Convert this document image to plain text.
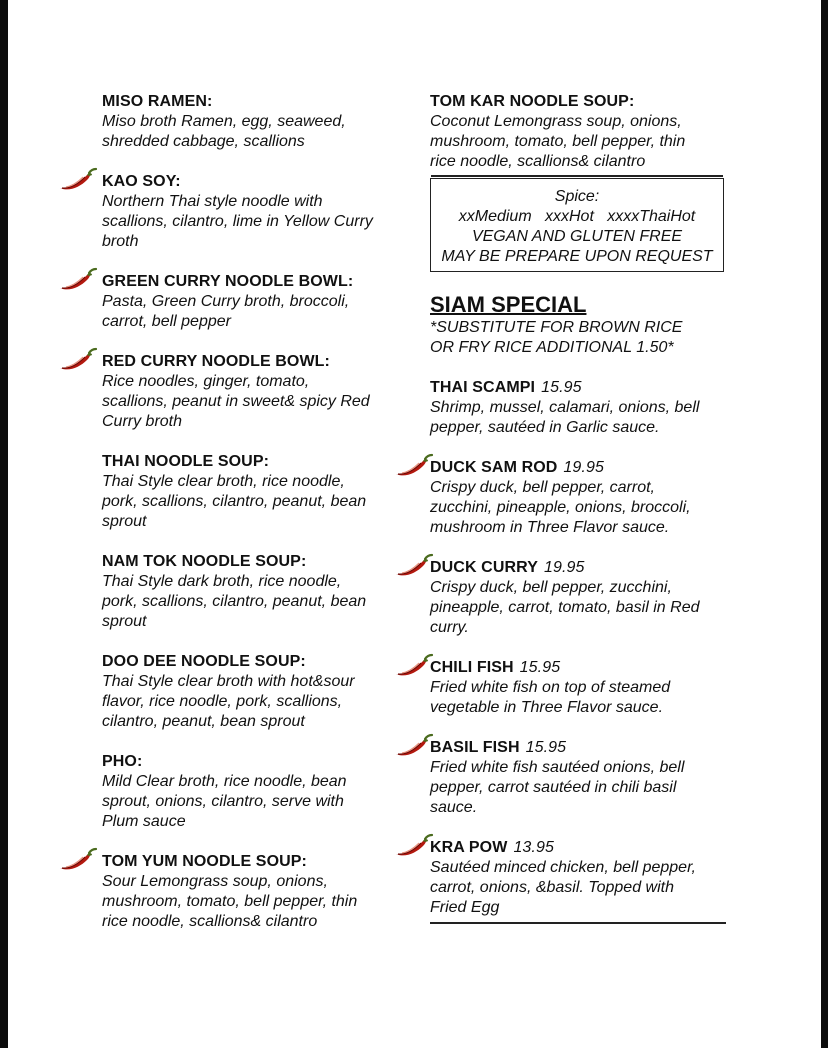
MISO RAMEN:
Miso broth Ramen, egg, seaweed,
shredded cabbage, scallions
KAO SOY:
Northern Thai style noodle with
scallions, cilantro, lime in Yellow Curry
broth
GREEN CURRY NOODLE BOWL:
Pasta, Green Curry broth, broccoli,
carrot, bell pepper
RED CURRY NOODLE BOWL:
Rice noodles, ginger, tomato,
scallions, peanut in sweet& spicy Red
Curry broth
THAI NOODLE SOUP:
Thai Style clear broth, rice noodle,
pork, scallions, cilantro, peanut, bean
sprout
NAM TOK NOODLE SOUP:
Thai Style dark broth, rice noodle,
pork, scallions, cilantro, peanut, bean
sprout
DOO DEE NOODLE SOUP:
Thai Style clear broth with hot&sour
flavor, rice noodle, pork, scallions,
cilantro, peanut, bean sprout
PHO:
Mild Clear broth, rice noodle, bean
sprout, onions, cilantro, serve with
Plum sauce
TOM YUM NOODLE SOUP:
Sour Lemongrass soup, onions,
mushroom, tomato, bell pepper, thin
rice noodle, scallions& cilantro
TOM KAR NOODLE SOUP:
Coconut Lemongrass soup, onions,
mushroom, tomato, bell pepper, thin
rice noodle, scallions& cilantro
Spice:
xxMedium   xxxHot   xxxxThaiHot
VEGAN AND GLUTEN FREE
MAY BE PREPARE UPON REQUEST
SIAM SPECIAL
*SUBSTITUTE FOR BROWN RICE
OR FRY RICE ADDITIONAL 1.50*
THAI SCAMPI 15.95
Shrimp, mussel, calamari, onions, bell
pepper, sautéed in Garlic sauce.
DUCK SAM ROD 19.95
Crispy duck, bell pepper, carrot,
zucchini, pineapple, onions, broccoli,
mushroom in Three Flavor sauce.
DUCK CURRY 19.95
Crispy duck, bell pepper, zucchini,
pineapple, carrot, tomato, basil in Red
curry.
CHILI FISH 15.95
Fried white fish on top of steamed
vegetable in Three Flavor sauce.
BASIL FISH 15.95
Fried white fish sautéed onions, bell
pepper, carrot sautéed in chili basil
sauce.
KRA POW 13.95
Sautéed minced chicken, bell pepper,
carrot, onions, &basil. Topped with
Fried Egg
